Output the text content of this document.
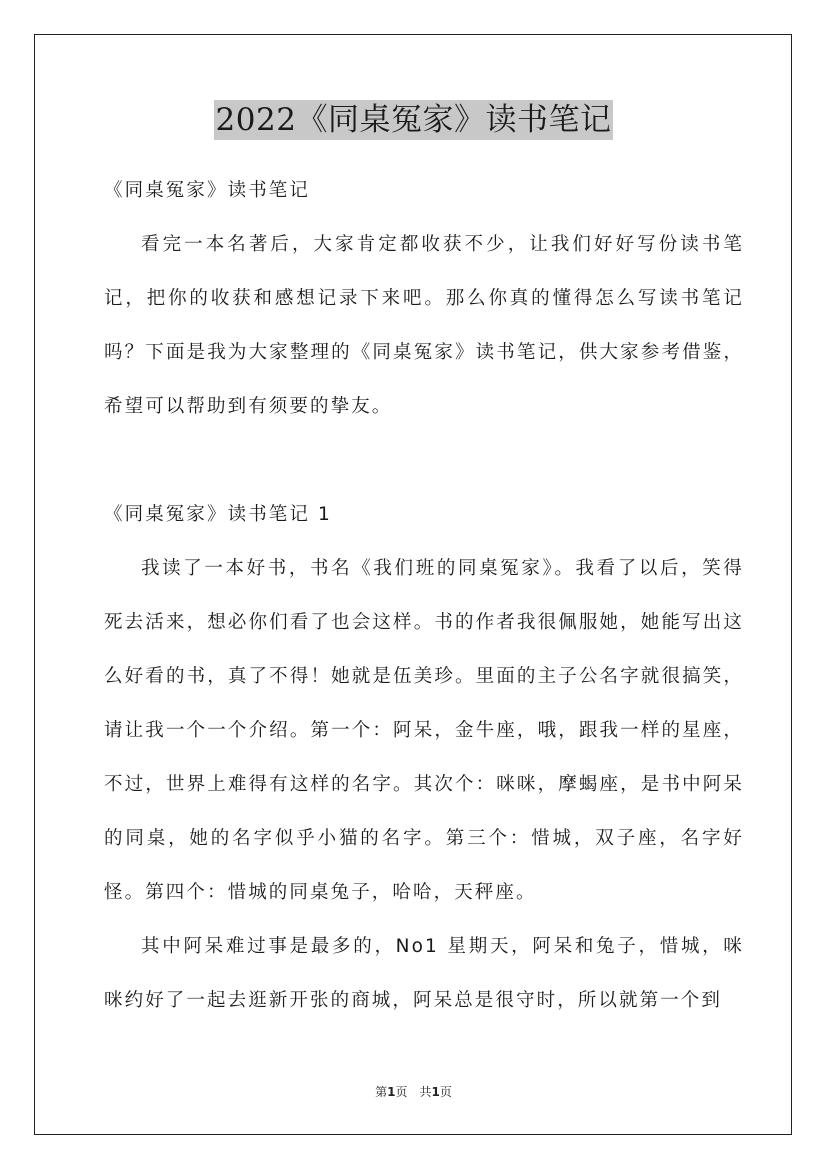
2022《同桌冤家》读书笔记

《同桌冤家》读书笔记

看完一本名著后，大家肯定都收获不少，让我们好好写份读书笔记，把你的收获和感想记录下来吧。那么你真的懂得怎么写读书笔记吗？下面是我为大家整理的《同桌冤家》读书笔记，供大家参考借鉴，希望可以帮助到有须要的挚友。

《同桌冤家》读书笔记 1

我读了一本好书，书名《我们班的同桌冤家》。我看了以后，笑得死去活来，想必你们看了也会这样。书的作者我很佩服她，她能写出这么好看的书，真了不得！她就是伍美珍。里面的主子公名字就很搞笑，请让我一个一个介绍。第一个：阿呆，金牛座，哦，跟我一样的星座，不过，世界上难得有这样的名字。其次个：咪咪，摩蝎座，是书中阿呆的同桌，她的名字似乎小猫的名字。第三个：惜城，双子座，名字好怪。第四个：惜城的同桌兔子，哈哈，天秤座。

其中阿呆难过事是最多的，No1 星期天，阿呆和兔子，惜城，咪咪约好了一起去逛新开张的商城，阿呆总是很守时，所以就第一个到

第1页　共1页
